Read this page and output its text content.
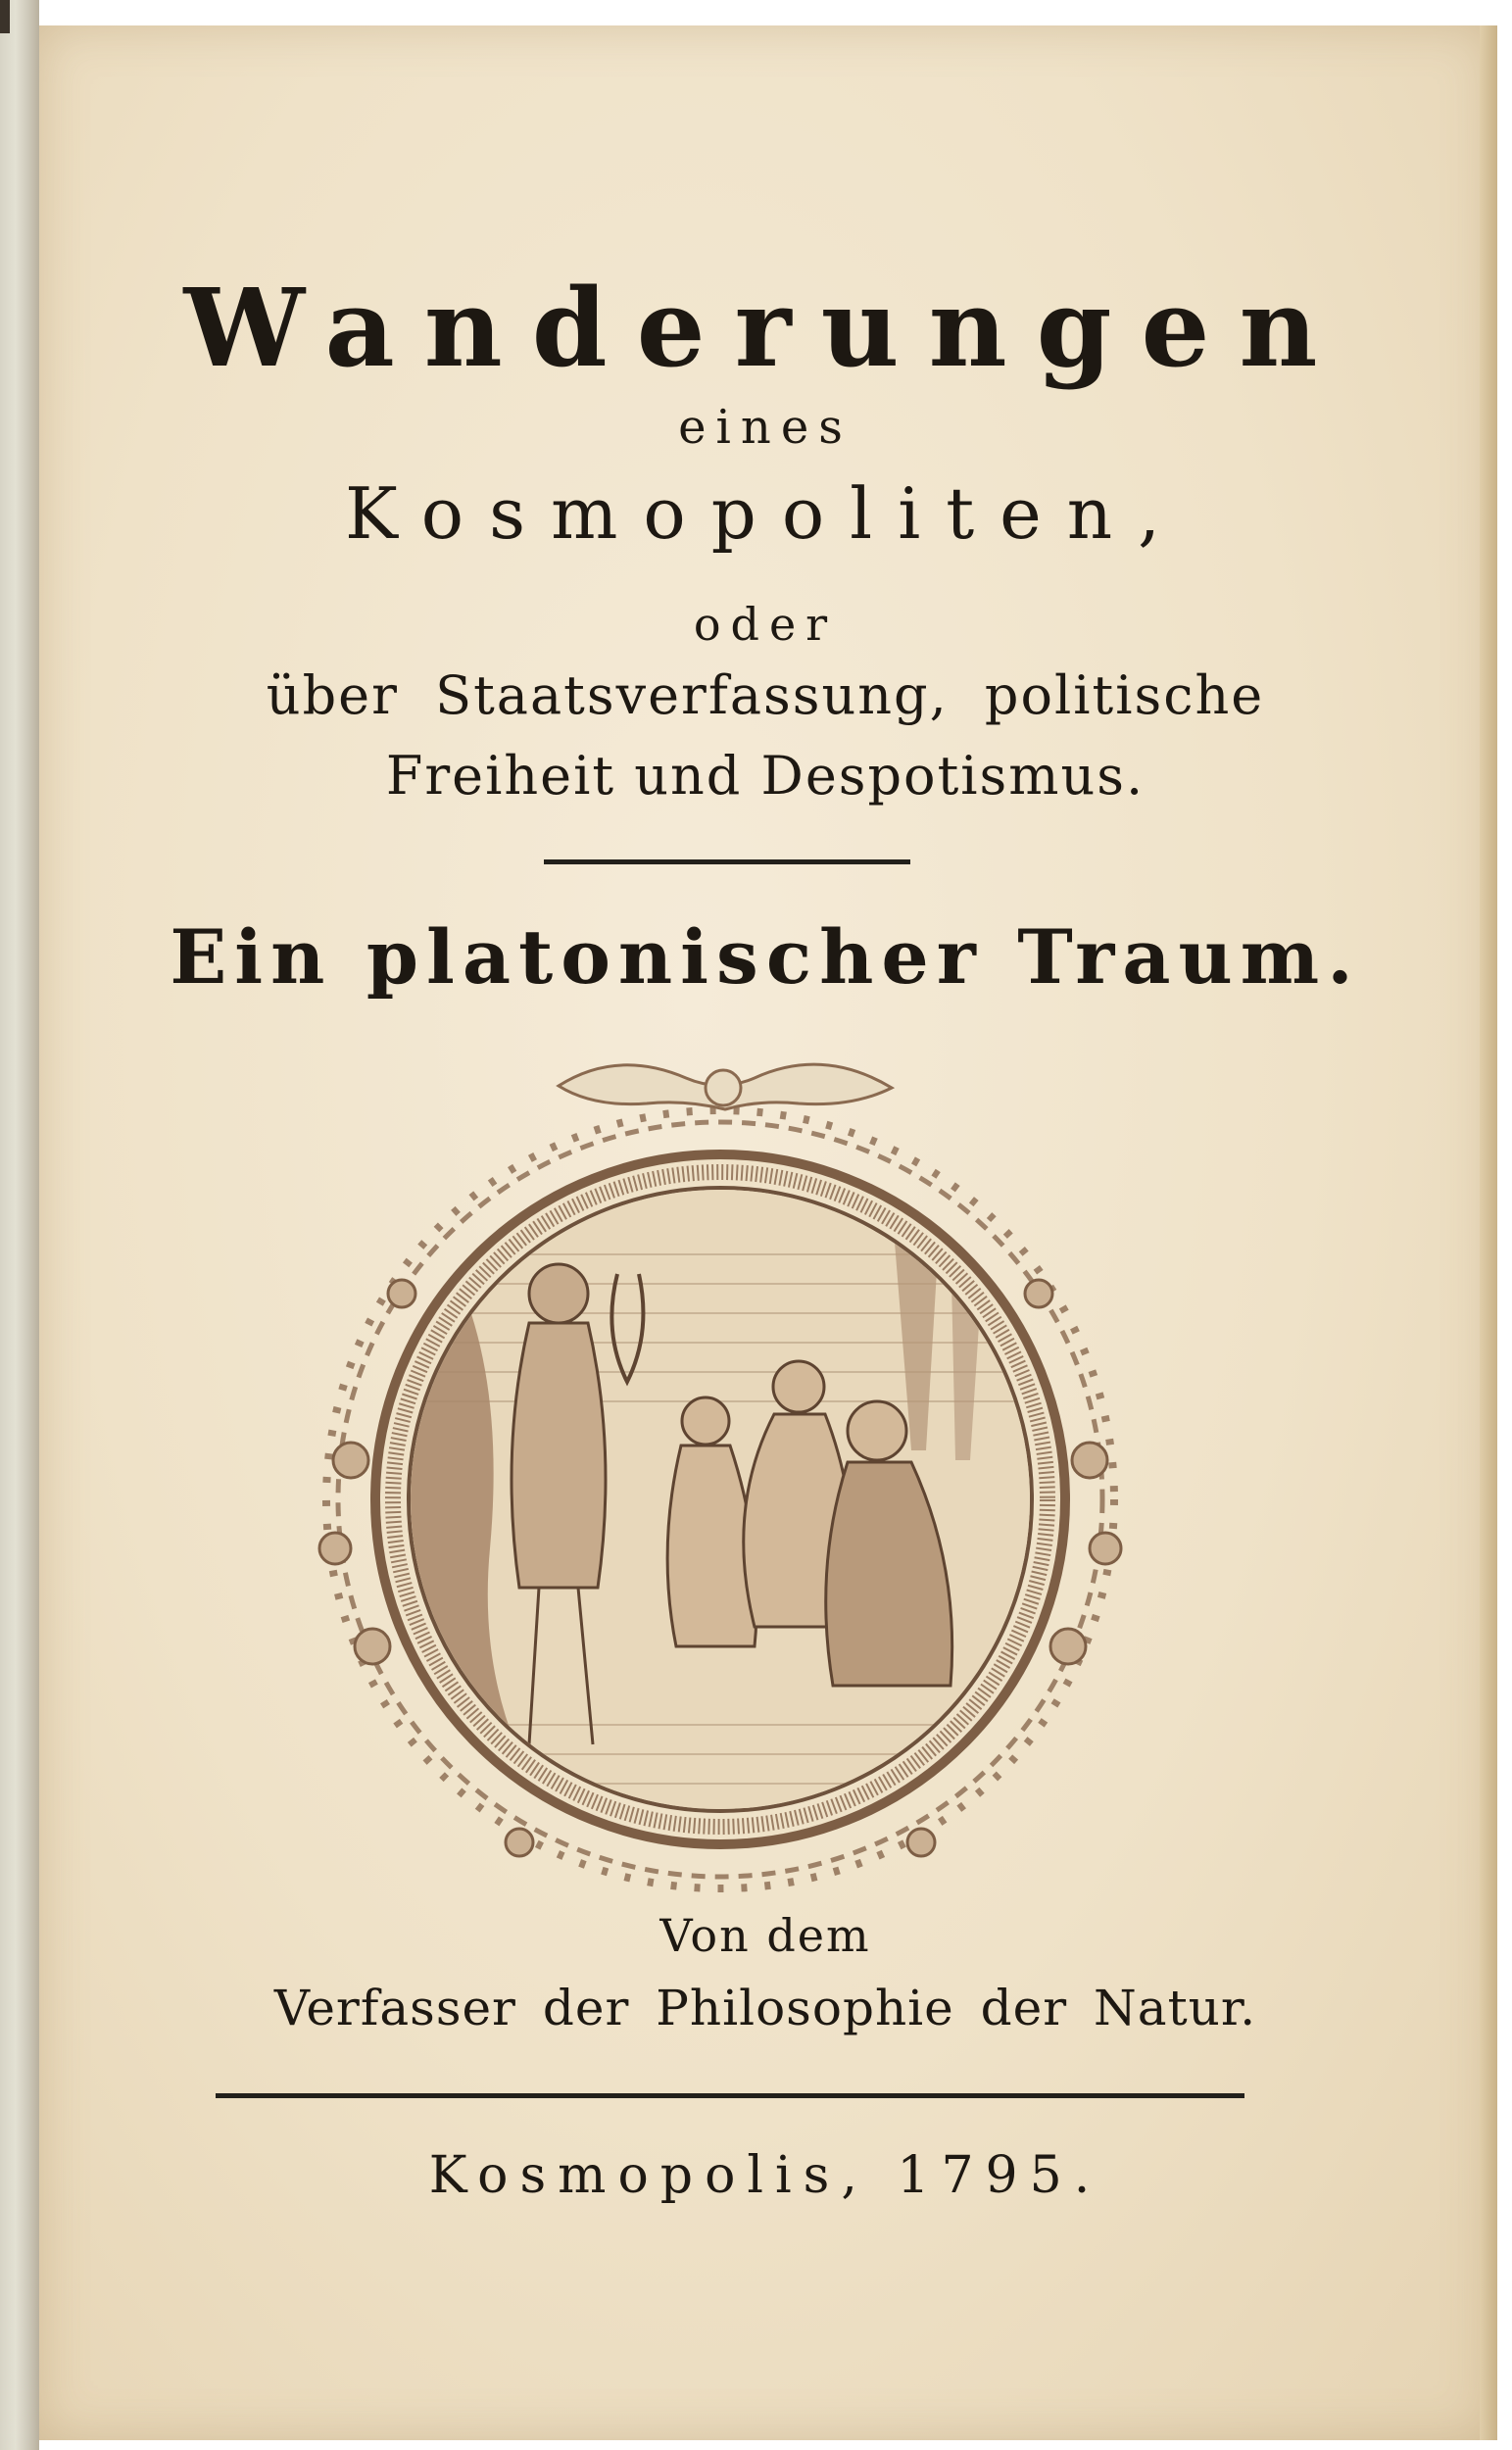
Wanderungen
eines
Kosmopoliten,
oder
über Staatsverfassung, politische
Freiheit und Despotismus.
Ein platonischer Traum.
Von dem
Verfasser der Philosophie der Natur.
Kosmopolis, 1795.
